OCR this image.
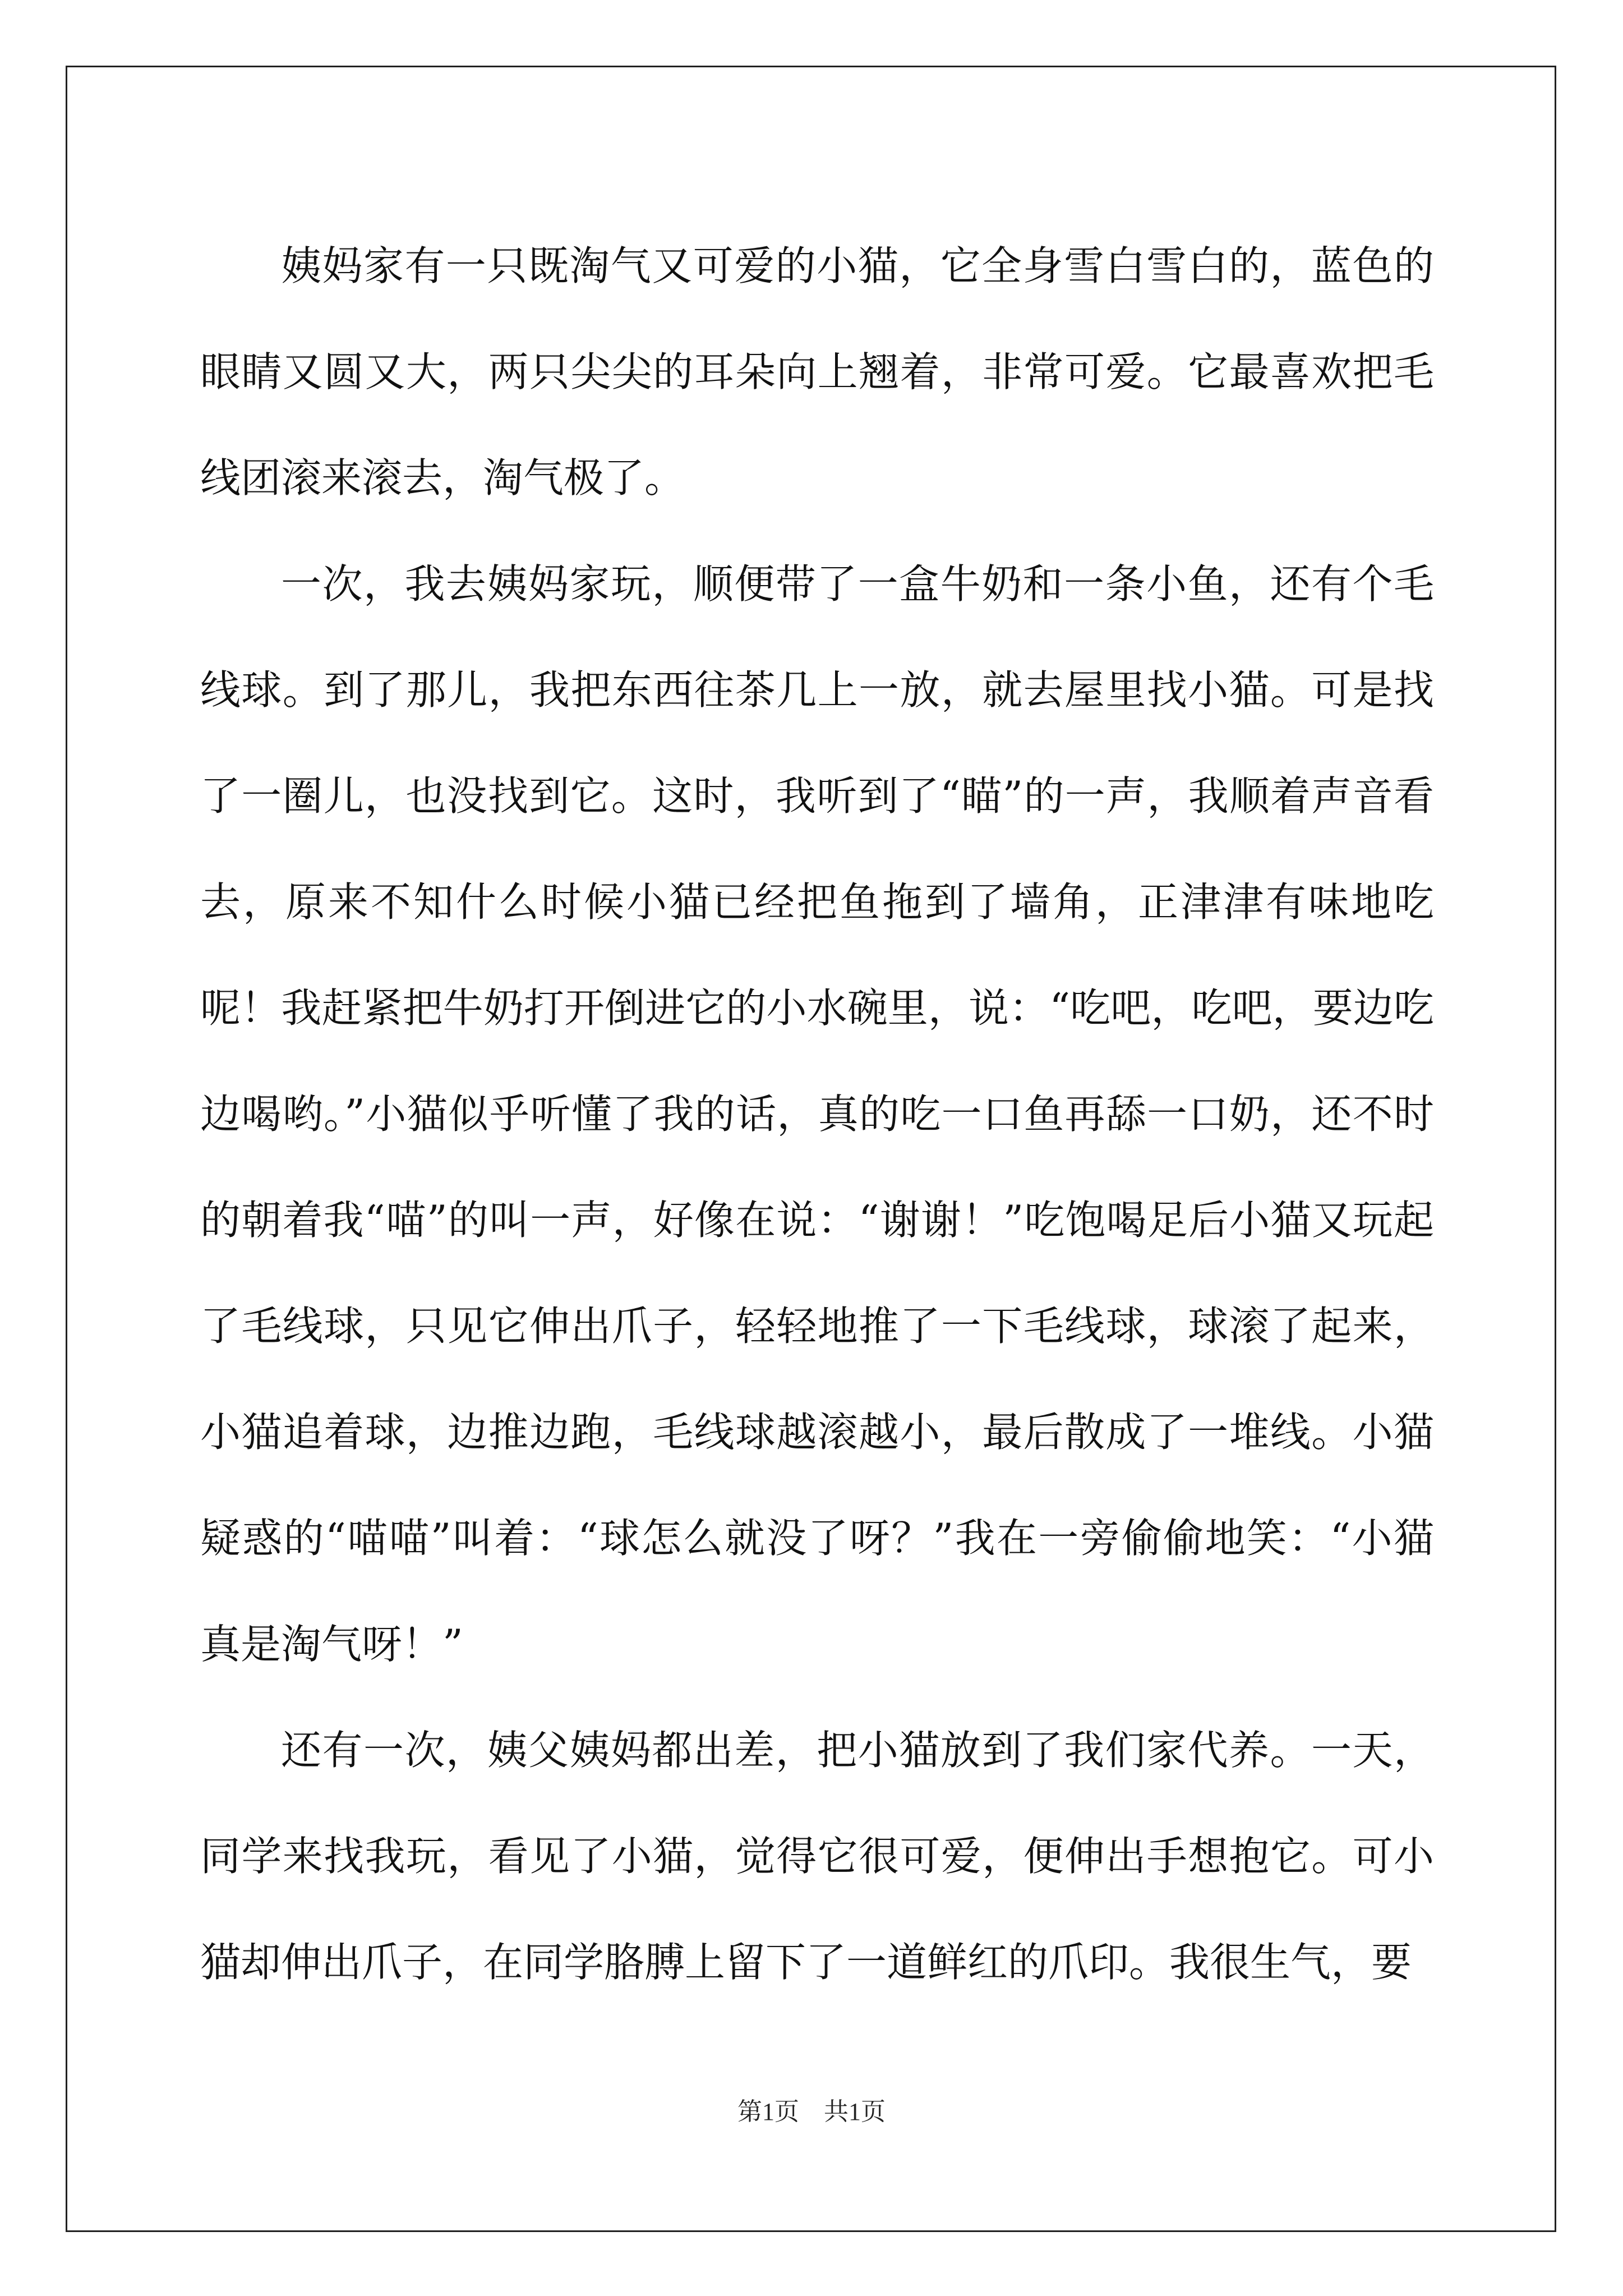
姨妈家有一只既淘气又可爱的小猫，它全身雪白雪白的，蓝色的眼睛又圆又大，两只尖尖的耳朵向上翘着，非常可爱。它最喜欢把毛线团滚来滚去，淘气极了。

一次，我去姨妈家玩，顺便带了一盒牛奶和一条小鱼，还有个毛线球。到了那儿，我把东西往茶几上一放，就去屋里找小猫。可是找了一圈儿，也没找到它。这时，我听到了“瞄”的一声，我顺着声音看去，原来不知什么时候小猫已经把鱼拖到了墙角，正津津有味地吃呢！我赶紧把牛奶打开倒进它的小水碗里，说：“吃吧，吃吧，要边吃边喝哟。”小猫似乎听懂了我的话，真的吃一口鱼再舔一口奶，还不时的朝着我“喵”的叫一声，好像在说：“谢谢！”吃饱喝足后小猫又玩起了毛线球，只见它伸出爪子，轻轻地推了一下毛线球，球滚了起来，小猫追着球，边推边跑，毛线球越滚越小，最后散成了一堆线。小猫疑惑的“喵喵”叫着：“球怎么就没了呀？”我在一旁偷偷地笑：“小猫真是淘气呀！”

还有一次，姨父姨妈都出差，把小猫放到了我们家代养。一天，同学来找我玩，看见了小猫，觉得它很可爱，便伸出手想抱它。可小猫却伸出爪子，在同学胳膊上留下了一道鲜红的爪印。我很生气，要

第1页 共1页
